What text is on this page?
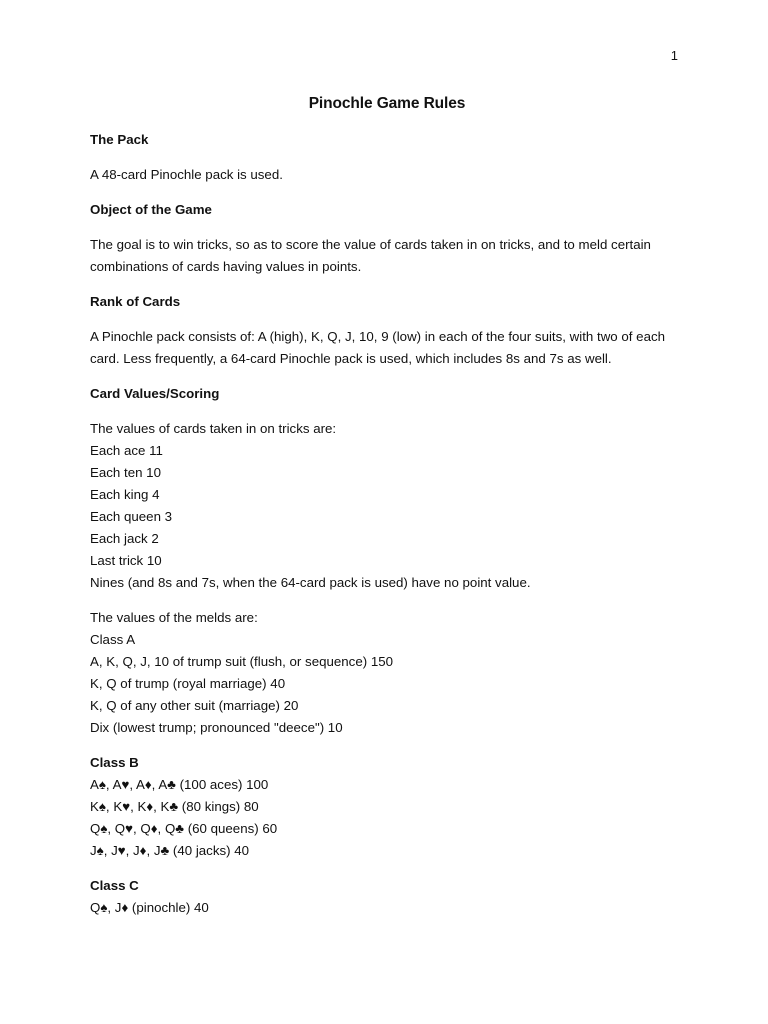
1
Pinochle Game Rules
The Pack

A 48-card Pinochle pack is used.

Object of the Game

The goal is to win tricks, so as to score the value of cards taken in on tricks, and to meld certain combinations of cards having values in points.

Rank of Cards

A Pinochle pack consists of: A (high), K, Q, J, 10, 9 (low) in each of the four suits, with two of each card. Less frequently, a 64-card Pinochle pack is used, which includes 8s and 7s as well.

Card Values/Scoring
The values of cards taken in on tricks are:
Each ace 11
Each ten 10
Each king 4
Each queen 3
Each jack 2
Last trick 10
Nines (and 8s and 7s, when the 64-card pack is used) have no point value.
The values of the melds are:
Class A
A, K, Q, J, 10 of trump suit (flush, or sequence) 150
K, Q of trump (royal marriage) 40
K, Q of any other suit (marriage) 20
Dix (lowest trump; pronounced "deece") 10
Class B
A♠, A♥, A♦, A♣ (100 aces) 100
K♠, K♥, K♦, K♣ (80 kings) 80
Q♠, Q♥, Q♦, Q♣ (60 queens) 60
J♠, J♥, J♦, J♣ (40 jacks) 40
Class C
Q♠, J♦ (pinochle) 40
